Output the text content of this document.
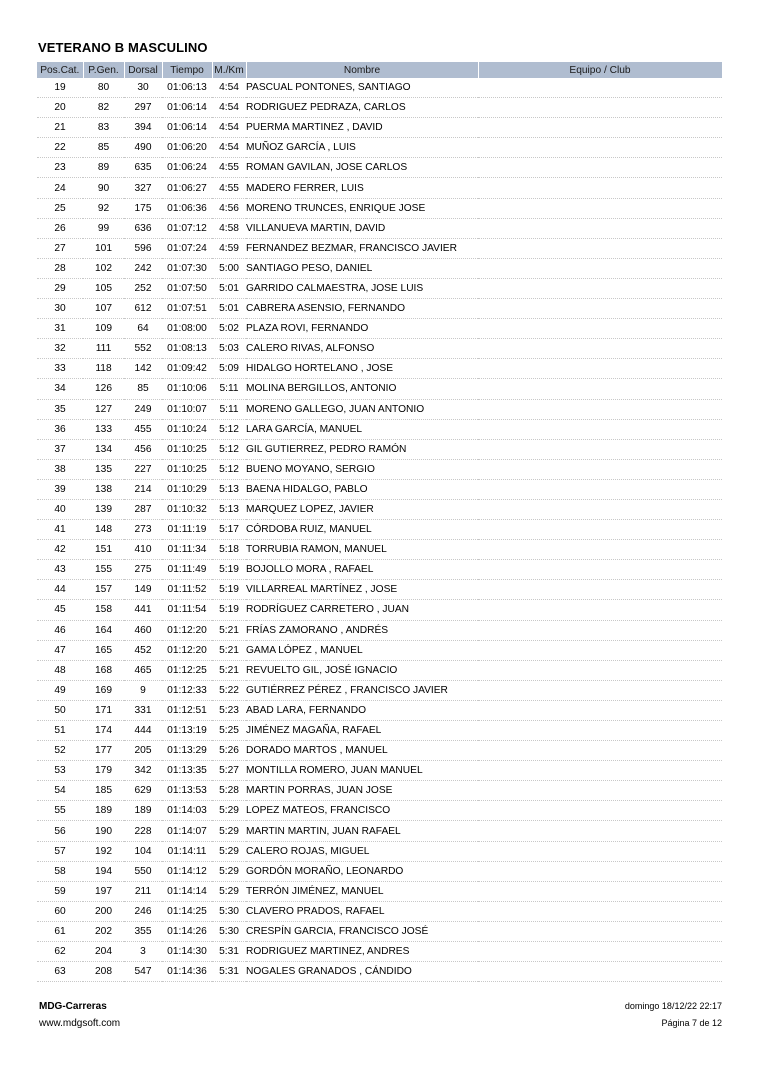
VETERANO B MASCULINO
Pos.Cat.	P.Gen.	Dorsal	Tiempo	M./Km	Nombre	Equipo / Club
19	80	30	01:06:13	4:54	PASCUAL PONTONES, SANTIAGO	
20	82	297	01:06:14	4:54	RODRIGUEZ PEDRAZA, CARLOS	
21	83	394	01:06:14	4:54	PUERMA MARTINEZ , DAVID	
22	85	490	01:06:20	4:54	MUÑOZ GARCÍA , LUIS	
23	89	635	01:06:24	4:55	ROMAN GAVILAN, JOSE CARLOS	
24	90	327	01:06:27	4:55	MADERO FERRER, LUIS	
25	92	175	01:06:36	4:56	MORENO TRUNCES, ENRIQUE JOSE	
26	99	636	01:07:12	4:58	VILLANUEVA MARTIN, DAVID	
27	101	596	01:07:24	4:59	FERNANDEZ BEZMAR, FRANCISCO JAVIER	
28	102	242	01:07:30	5:00	SANTIAGO PESO, DANIEL	
29	105	252	01:07:50	5:01	GARRIDO CALMAESTRA, JOSE LUIS	
30	107	612	01:07:51	5:01	CABRERA ASENSIO, FERNANDO	
31	109	64	01:08:00	5:02	PLAZA ROVI, FERNANDO	
32	111	552	01:08:13	5:03	CALERO RIVAS, ALFONSO	
33	118	142	01:09:42	5:09	HIDALGO HORTELANO , JOSE	
34	126	85	01:10:06	5:11	MOLINA BERGILLOS, ANTONIO	
35	127	249	01:10:07	5:11	MORENO GALLEGO, JUAN ANTONIO	
36	133	455	01:10:24	5:12	LARA GARCÍA, MANUEL	
37	134	456	01:10:25	5:12	GIL GUTIERREZ, PEDRO RAMÓN	
38	135	227	01:10:25	5:12	BUENO MOYANO, SERGIO	
39	138	214	01:10:29	5:13	BAENA HIDALGO, PABLO	
40	139	287	01:10:32	5:13	MARQUEZ LOPEZ, JAVIER	
41	148	273	01:11:19	5:17	CÓRDOBA RUIZ, MANUEL	
42	151	410	01:11:34	5:18	TORRUBIA RAMON, MANUEL	
43	155	275	01:11:49	5:19	BOJOLLO MORA , RAFAEL	
44	157	149	01:11:52	5:19	VILLARREAL MARTÍNEZ , JOSE	
45	158	441	01:11:54	5:19	RODRÍGUEZ CARRETERO , JUAN	
46	164	460	01:12:20	5:21	FRÍAS ZAMORANO , ANDRÉS	
47	165	452	01:12:20	5:21	GAMA LÓPEZ , MANUEL	
48	168	465	01:12:25	5:21	REVUELTO GIL, JOSÉ IGNACIO	
49	169	9	01:12:33	5:22	GUTIÉRREZ PÉREZ , FRANCISCO JAVIER	
50	171	331	01:12:51	5:23	ABAD LARA, FERNANDO	
51	174	444	01:13:19	5:25	JIMÉNEZ MAGAÑA, RAFAEL	
52	177	205	01:13:29	5:26	DORADO MARTOS , MANUEL	
53	179	342	01:13:35	5:27	MONTILLA ROMERO, JUAN MANUEL	
54	185	629	01:13:53	5:28	MARTIN PORRAS, JUAN JOSE	
55	189	189	01:14:03	5:29	LOPEZ MATEOS, FRANCISCO	
56	190	228	01:14:07	5:29	MARTIN MARTIN, JUAN RAFAEL	
57	192	104	01:14:11	5:29	CALERO ROJAS, MIGUEL	
58	194	550	01:14:12	5:29	GORDÓN MORAÑO, LEONARDO	
59	197	211	01:14:14	5:29	TERRÓN JIMÉNEZ, MANUEL	
60	200	246	01:14:25	5:30	CLAVERO PRADOS, RAFAEL	
61	202	355	01:14:26	5:30	CRESPÍN GARCIA, FRANCISCO JOSÉ	
62	204	3	01:14:30	5:31	RODRIGUEZ MARTINEZ, ANDRES	
63	208	547	01:14:36	5:31	NOGALES GRANADOS , CÁNDIDO	
MDG-Carreras
www.mdgsoft.com
domingo 18/12/22 22:17
Página 7 de 12
